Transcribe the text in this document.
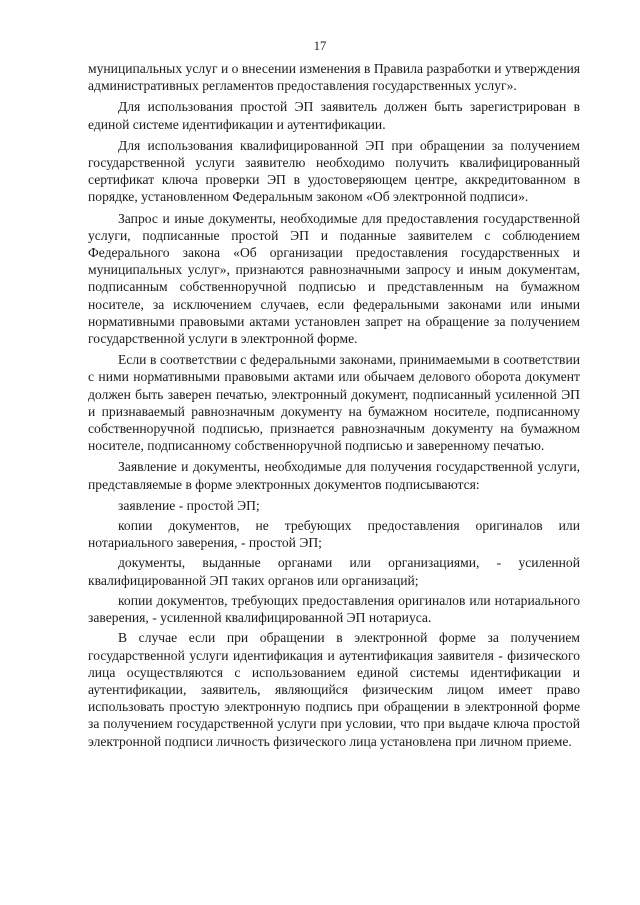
17

муниципальных услуг и о внесении изменения в Правила разработки и утверждения административных регламентов предоставления государственных услуг».

Для использования простой ЭП заявитель должен быть зарегистрирован в единой системе идентификации и аутентификации.

Для использования квалифицированной ЭП при обращении за получением государственной услуги заявителю необходимо получить квалифицированный сертификат ключа проверки ЭП в удостоверяющем центре, аккредитованном в порядке, установленном Федеральным законом «Об электронной подписи».

Запрос и иные документы, необходимые для предоставления государственной услуги, подписанные простой ЭП и поданные заявителем с соблюдением Федерального закона «Об организации предоставления государственных и муниципальных услуг», признаются равнозначными запросу и иным документам, подписанным собственноручной подписью и представленным на бумажном носителе, за исключением случаев, если федеральными законами или иными нормативными правовыми актами установлен запрет на обращение за получением государственной услуги в электронной форме.

Если в соответствии с федеральными законами, принимаемыми в соответствии с ними нормативными правовыми актами или обычаем делового оборота документ должен быть заверен печатью, электронный документ, подписанный усиленной ЭП и признаваемый равнозначным документу на бумажном носителе, подписанному собственноручной подписью, признается равнозначным документу на бумажном носителе, подписанному собственноручной подписью и заверенному печатью.

Заявление и документы, необходимые для получения государственной услуги, представляемые в форме электронных документов подписываются:

заявление - простой ЭП;

копии документов, не требующих предоставления оригиналов или нотариального заверения, - простой ЭП;

документы, выданные органами или организациями, - усиленной квалифицированной ЭП таких органов или организаций;

копии документов, требующих предоставления оригиналов или нотариального заверения, - усиленной квалифицированной ЭП нотариуса.

В случае если при обращении в электронной форме за получением государственной услуги идентификация и аутентификация заявителя - физического лица осуществляются с использованием единой системы идентификации и аутентификации, заявитель, являющийся физическим лицом имеет право использовать простую электронную подпись при обращении в электронной форме за получением государственной услуги при условии, что при выдаче ключа простой электронной подписи личность физического лица установлена при личном приеме.
